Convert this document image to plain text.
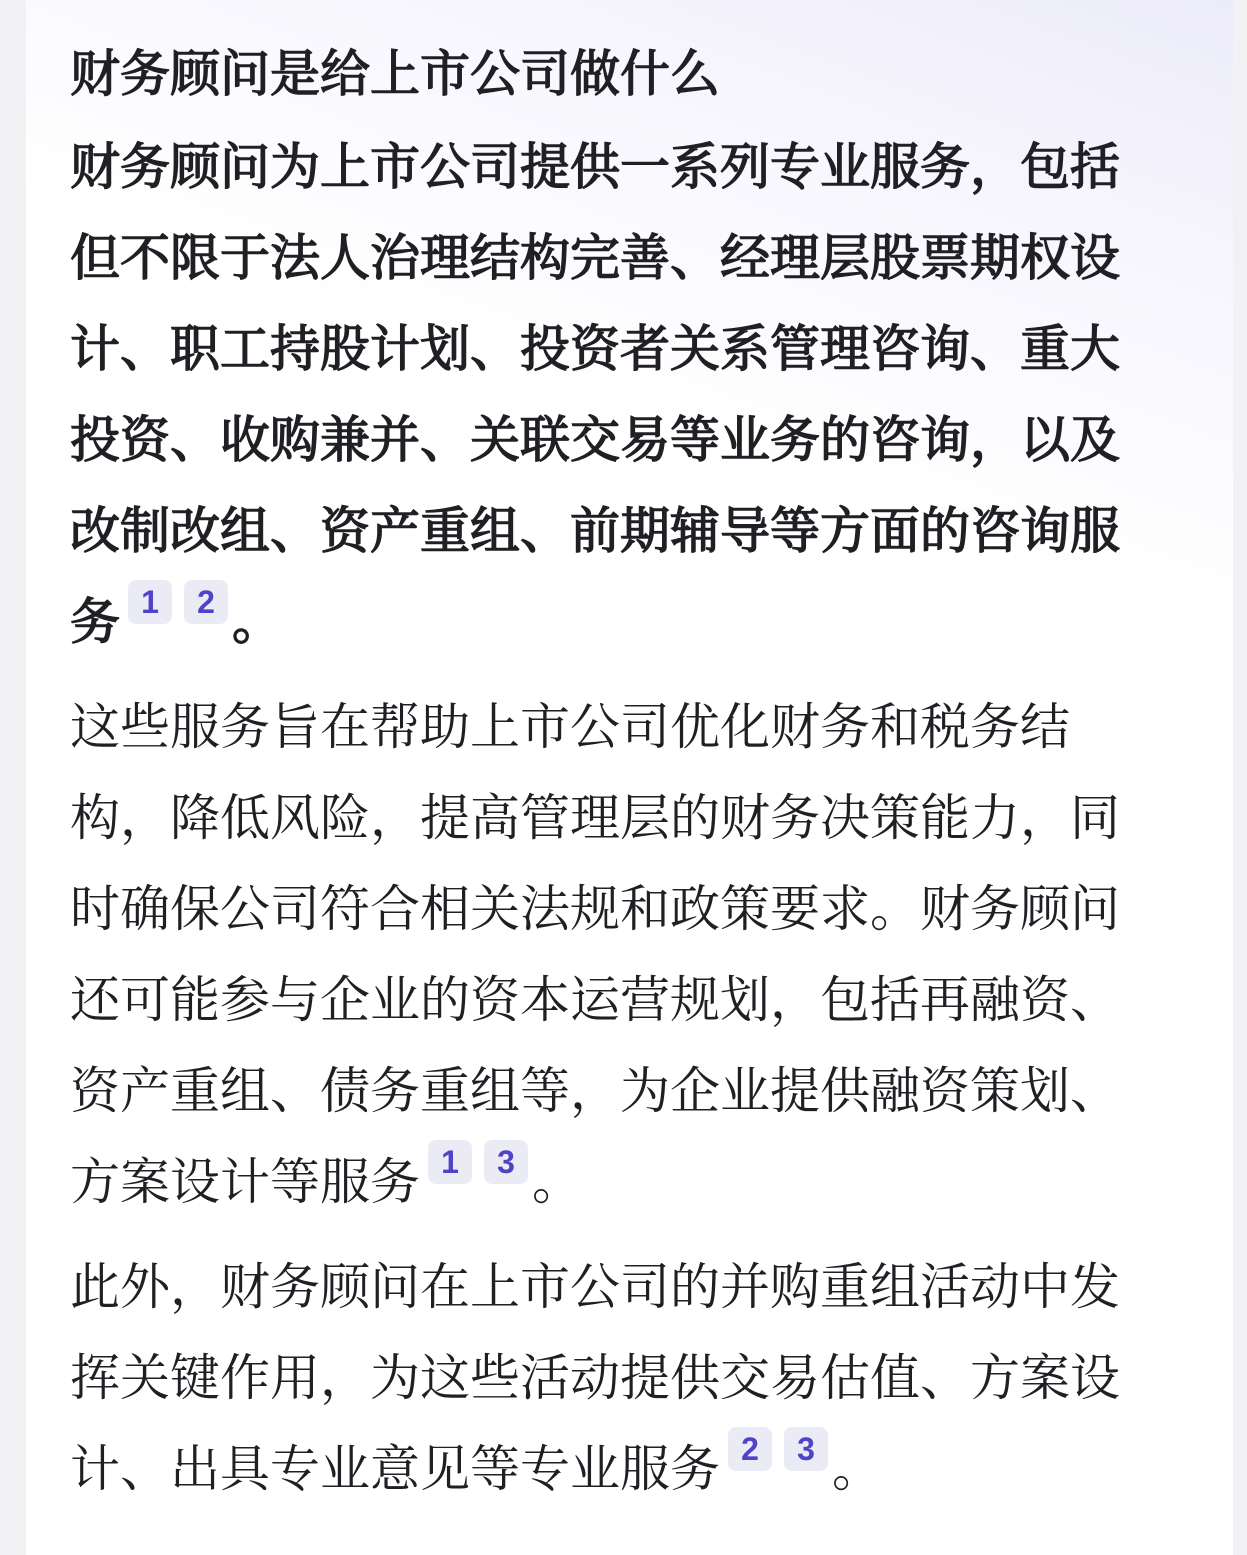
财务顾问是给上市公司做什么

财务顾问为上市公司提供一系列专业服务，包括但不限于法人治理结构完善、经理层股票期权设计、职工持股计划、投资者关系管理咨询、重大投资、收购兼并、关联交易等业务的咨询，以及改制改组、资产重组、前期辅导等方面的咨询服务 1 2 。

这些服务旨在帮助上市公司优化财务和税务结构，降低风险，提高管理层的财务决策能力，同时确保公司符合相关法规和政策要求。财务顾问还可能参与企业的资本运营规划，包括再融资、资产重组、债务重组等，为企业提供融资策划、方案设计等服务 1 3 。

此外，财务顾问在上市公司的并购重组活动中发挥关键作用，为这些活动提供交易估值、方案设计、出具专业意见等专业服务 2 3 。
